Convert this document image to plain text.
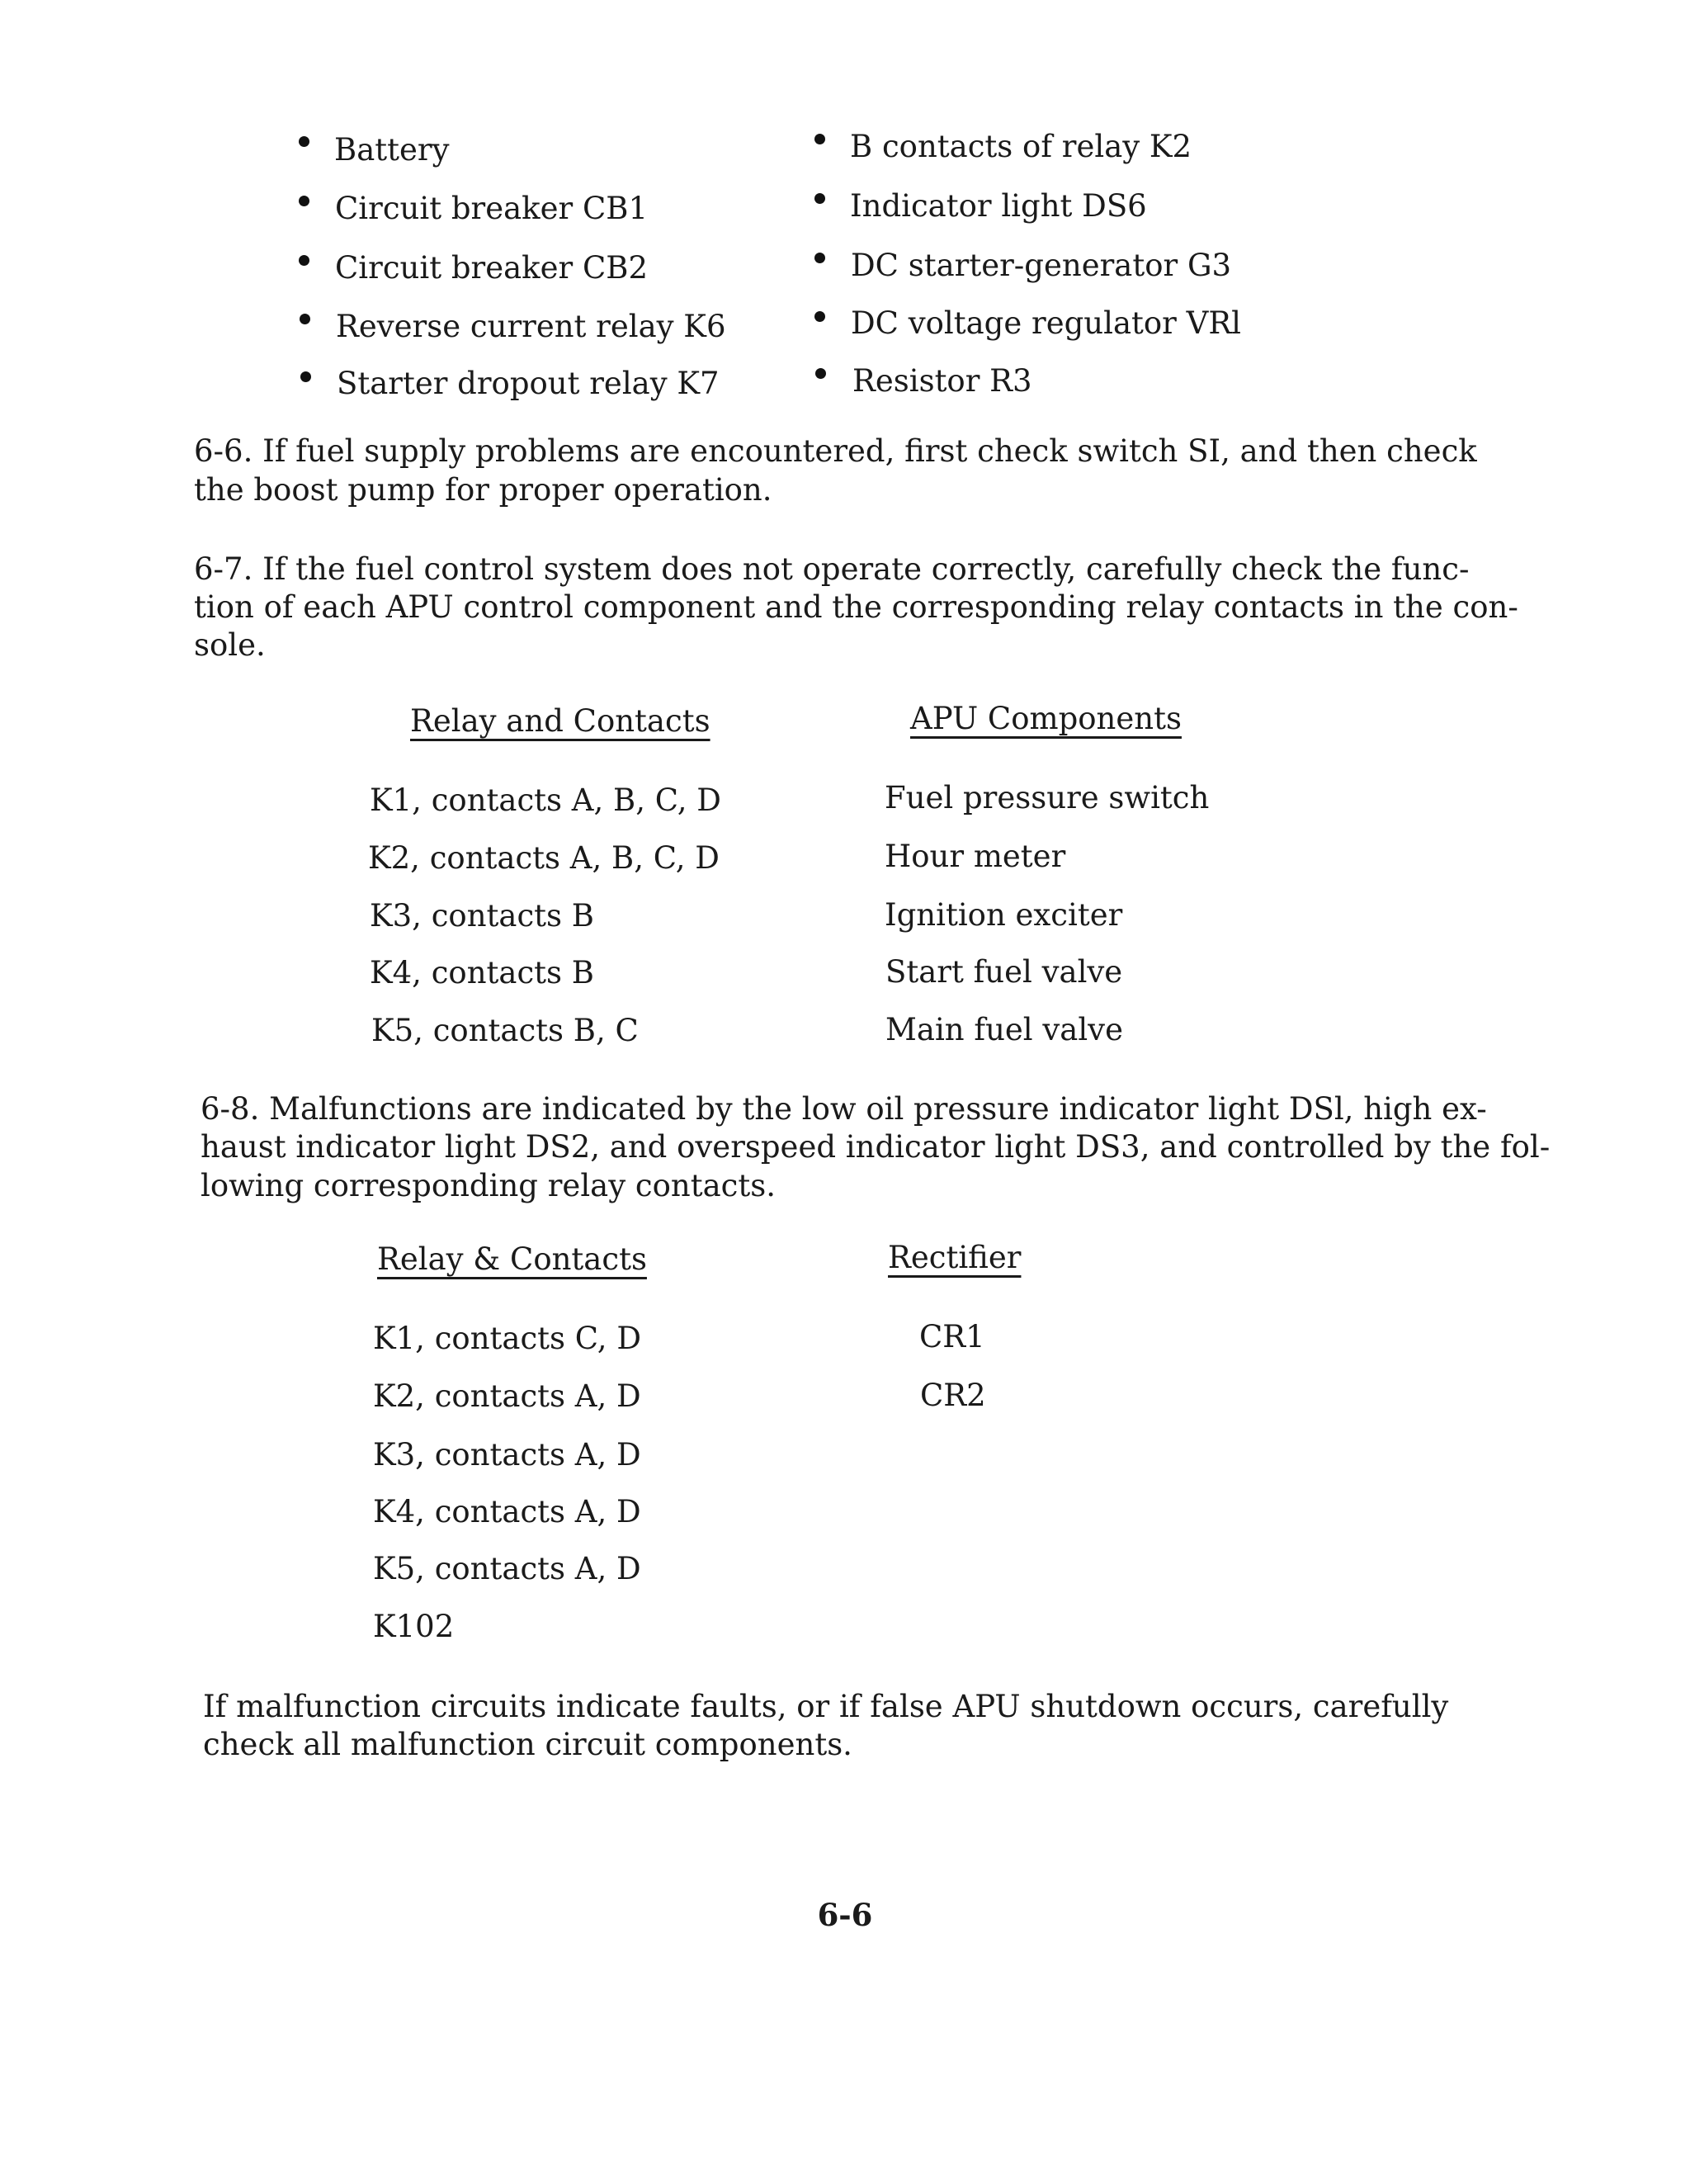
Battery
Circuit breaker CB1
Circuit breaker CB2
Reverse current relay K6
Starter dropout relay K7
B contacts of relay K2
Indicator light DS6
DC starter-generator G3
DC voltage regulator VRl
Resistor R3
6-6. If fuel supply problems are encountered, first check switch SI, and then check
the boost pump for proper operation.
6-7. If the fuel control system does not operate correctly, carefully check the func-
tion of each APU control component and the corresponding relay contacts in the con-
sole.
Relay and Contacts	APU Components
K1, contacts A, B, C, D	Fuel pressure switch
K2, contacts A, B, C, D	Hour meter
K3, contacts B	Ignition exciter
K4, contacts B	Start fuel valve
K5, contacts B, C	Main fuel valve
6-8. Malfunctions are indicated by the low oil pressure indicator light DSl, high ex-
haust indicator light DS2, and overspeed indicator light DS3, and controlled by the fol-
lowing corresponding relay contacts.
Relay & Contacts	Rectifier
K1, contacts C, D	CR1
K2, contacts A, D	CR2
K3, contacts A, D
K4, contacts A, D
K5, contacts A, D
K102
If malfunction circuits indicate faults, or if false APU shutdown occurs, carefully
check all malfunction circuit components.
6-6
